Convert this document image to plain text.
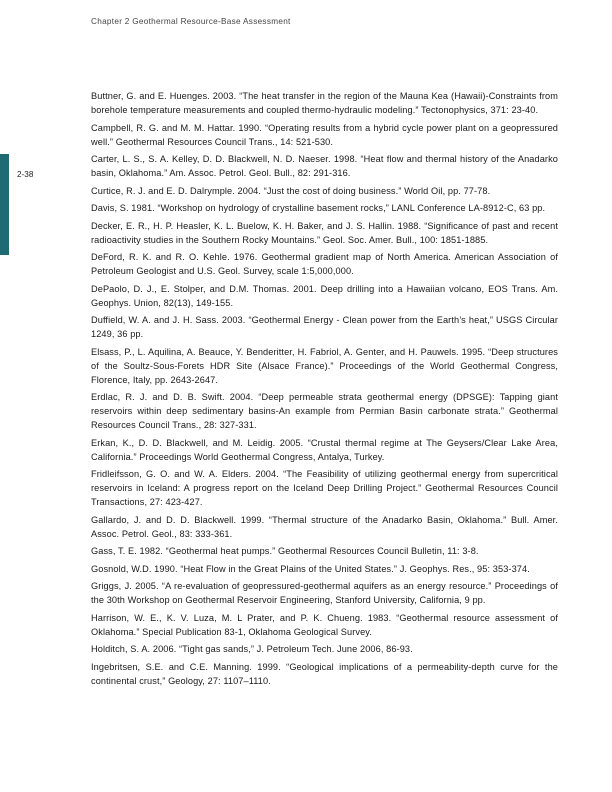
Chapter 2 Geothermal Resource-Base Assessment
2-38
Buttner, G. and E. Huenges. 2003. “The heat transfer in the region of the Mauna Kea (Hawaii)-Constraints from borehole temperature measurements and coupled thermo-hydraulic modeling.” Tectonophysics, 371: 23-40.
Campbell, R. G. and M. M. Hattar. 1990. “Operating results from a hybrid cycle power plant on a geopressured well.” Geothermal Resources Council Trans., 14: 521-530.
Carter, L. S., S. A. Kelley, D. D. Blackwell, N. D. Naeser. 1998. “Heat flow and thermal history of the Anadarko basin, Oklahoma.” Am. Assoc. Petrol. Geol. Bull., 82: 291-316.
Curtice, R. J. and E. D. Dalrymple. 2004. “Just the cost of doing business.” World Oil, pp. 77-78.
Davis, S. 1981. “Workshop on hydrology of crystalline basement rocks,” LANL Conference LA-8912-C, 63 pp.
Decker, E. R., H. P. Heasler, K. L. Buelow, K. H. Baker, and J. S. Hallin. 1988. “Significance of past and recent radioactivity studies in the Southern Rocky Mountains.” Geol. Soc. Amer. Bull., 100: 1851-1885.
DeFord, R. K. and R. O. Kehle. 1976. Geothermal gradient map of North America. American Association of Petroleum Geologist and U.S. Geol. Survey, scale 1:5,000,000.
DePaolo, D. J., E. Stolper, and D.M. Thomas. 2001. Deep drilling into a Hawaiian volcano, EOS Trans. Am. Geophys. Union, 82(13), 149-155.
Duffield, W. A. and J. H. Sass. 2003. “Geothermal Energy - Clean power from the Earth’s heat,” USGS Circular 1249, 36 pp.
Elsass, P., L. Aquilina, A. Beauce, Y. Benderitter, H. Fabriol, A. Genter, and H. Pauwels. 1995. “Deep structures of the Soultz-Sous-Forets HDR Site (Alsace France).” Proceedings of the World Geothermal Congress, Florence, Italy, pp. 2643-2647.
Erdlac, R. J. and D. B. Swift. 2004. “Deep permeable strata geothermal energy (DPSGE): Tapping giant reservoirs within deep sedimentary basins-An example from Permian Basin carbonate strata.” Geothermal Resources Council Trans., 28: 327-331.
Erkan, K., D. D. Blackwell, and M. Leidig. 2005. “Crustal thermal regime at The Geysers/Clear Lake Area, California.” Proceedings World Geothermal Congress, Antalya, Turkey.
Fridleifsson, G. O. and W. A. Elders. 2004. “The Feasibility of utilizing geothermal energy from supercritical reservoirs in Iceland: A progress report on the Iceland Deep Drilling Project.” Geothermal Resources Council Transactions, 27: 423-427.
Gallardo, J. and D. D. Blackwell. 1999. “Thermal structure of the Anadarko Basin, Oklahoma.” Bull. Amer. Assoc. Petrol. Geol., 83: 333-361.
Gass, T. E. 1982. “Geothermal heat pumps.” Geothermal Resources Council Bulletin, 11: 3-8.
Gosnold, W.D. 1990. “Heat Flow in the Great Plains of the United States.” J. Geophys. Res., 95: 353-374.
Griggs, J. 2005. “A re-evaluation of geopressured-geothermal aquifers as an energy resource.” Proceedings of the 30th Workshop on Geothermal Reservoir Engineering, Stanford University, California, 9 pp.
Harrison, W. E., K. V. Luza, M. L Prater, and P. K. Chueng. 1983. “Geothermal resource assessment of Oklahoma.” Special Publication 83-1, Oklahoma Geological Survey.
Holditch, S. A. 2006. “Tight gas sands,” J. Petroleum Tech. June 2006, 86-93.
Ingebritsen, S.E. and C.E. Manning. 1999. “Geological implications of a permeability-depth curve for the continental crust,” Geology, 27: 1107–1110.
